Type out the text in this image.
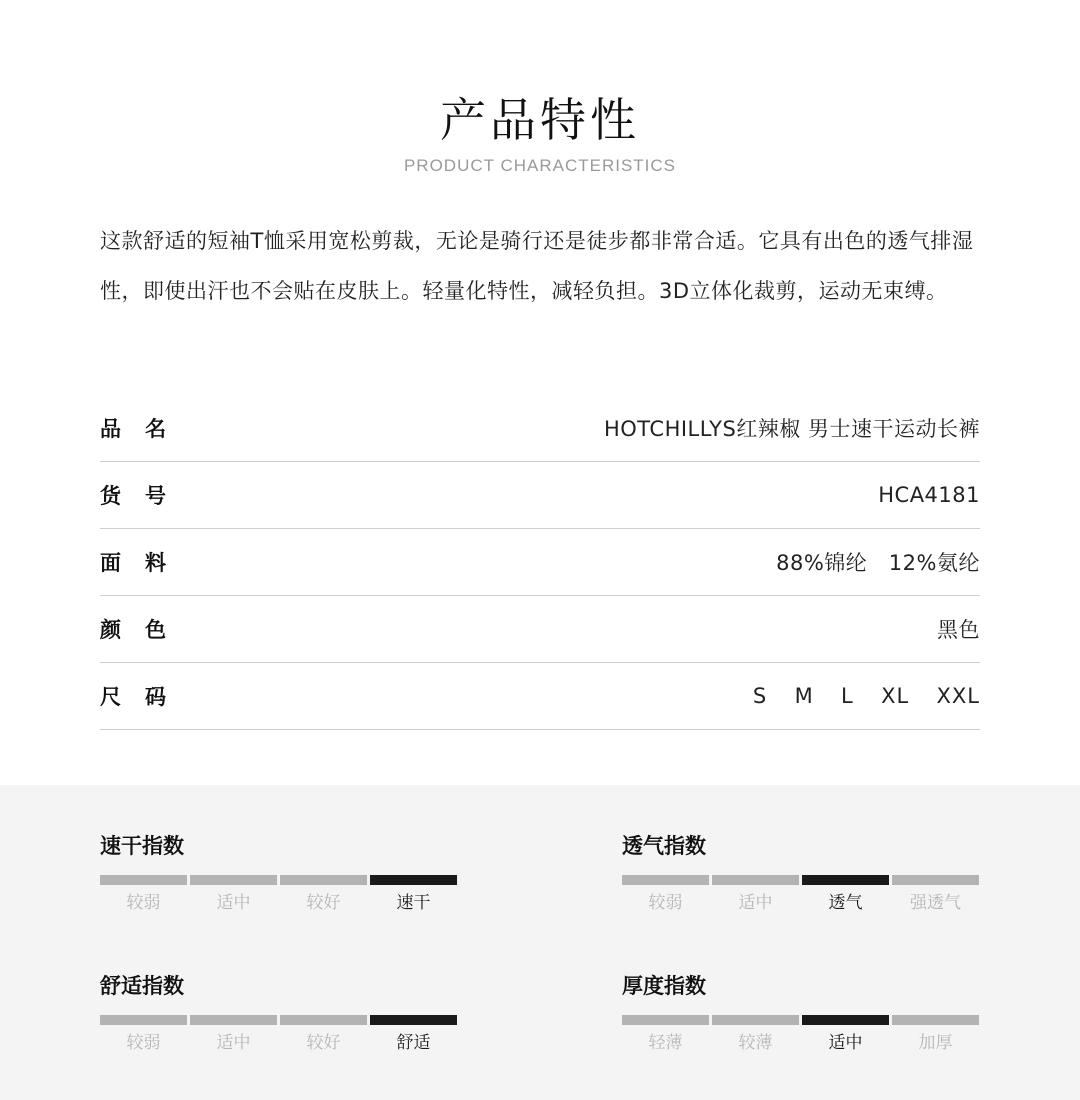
产品特性
PRODUCT CHARACTERISTICS
这款舒适的短袖T恤采用宽松剪裁，无论是骑行还是徒步都非常合适。它具有出色的透气排湿性，即使出汗也不会贴在皮肤上。轻量化特性，减轻负担。3D立体化裁剪，运动无束缚。
品名	HOTCHILLYS红辣椒 男士速干运动长裤
货号	HCA4181
面料	88%锦纶   12%氨纶
颜色	黑色
尺码	S  M  L  XL  XXL
速干指数
较弱	适中	较好	速干
透气指数
较弱	适中	透气	强透气
舒适指数
较弱	适中	较好	舒适
厚度指数
轻薄	较薄	适中	加厚
